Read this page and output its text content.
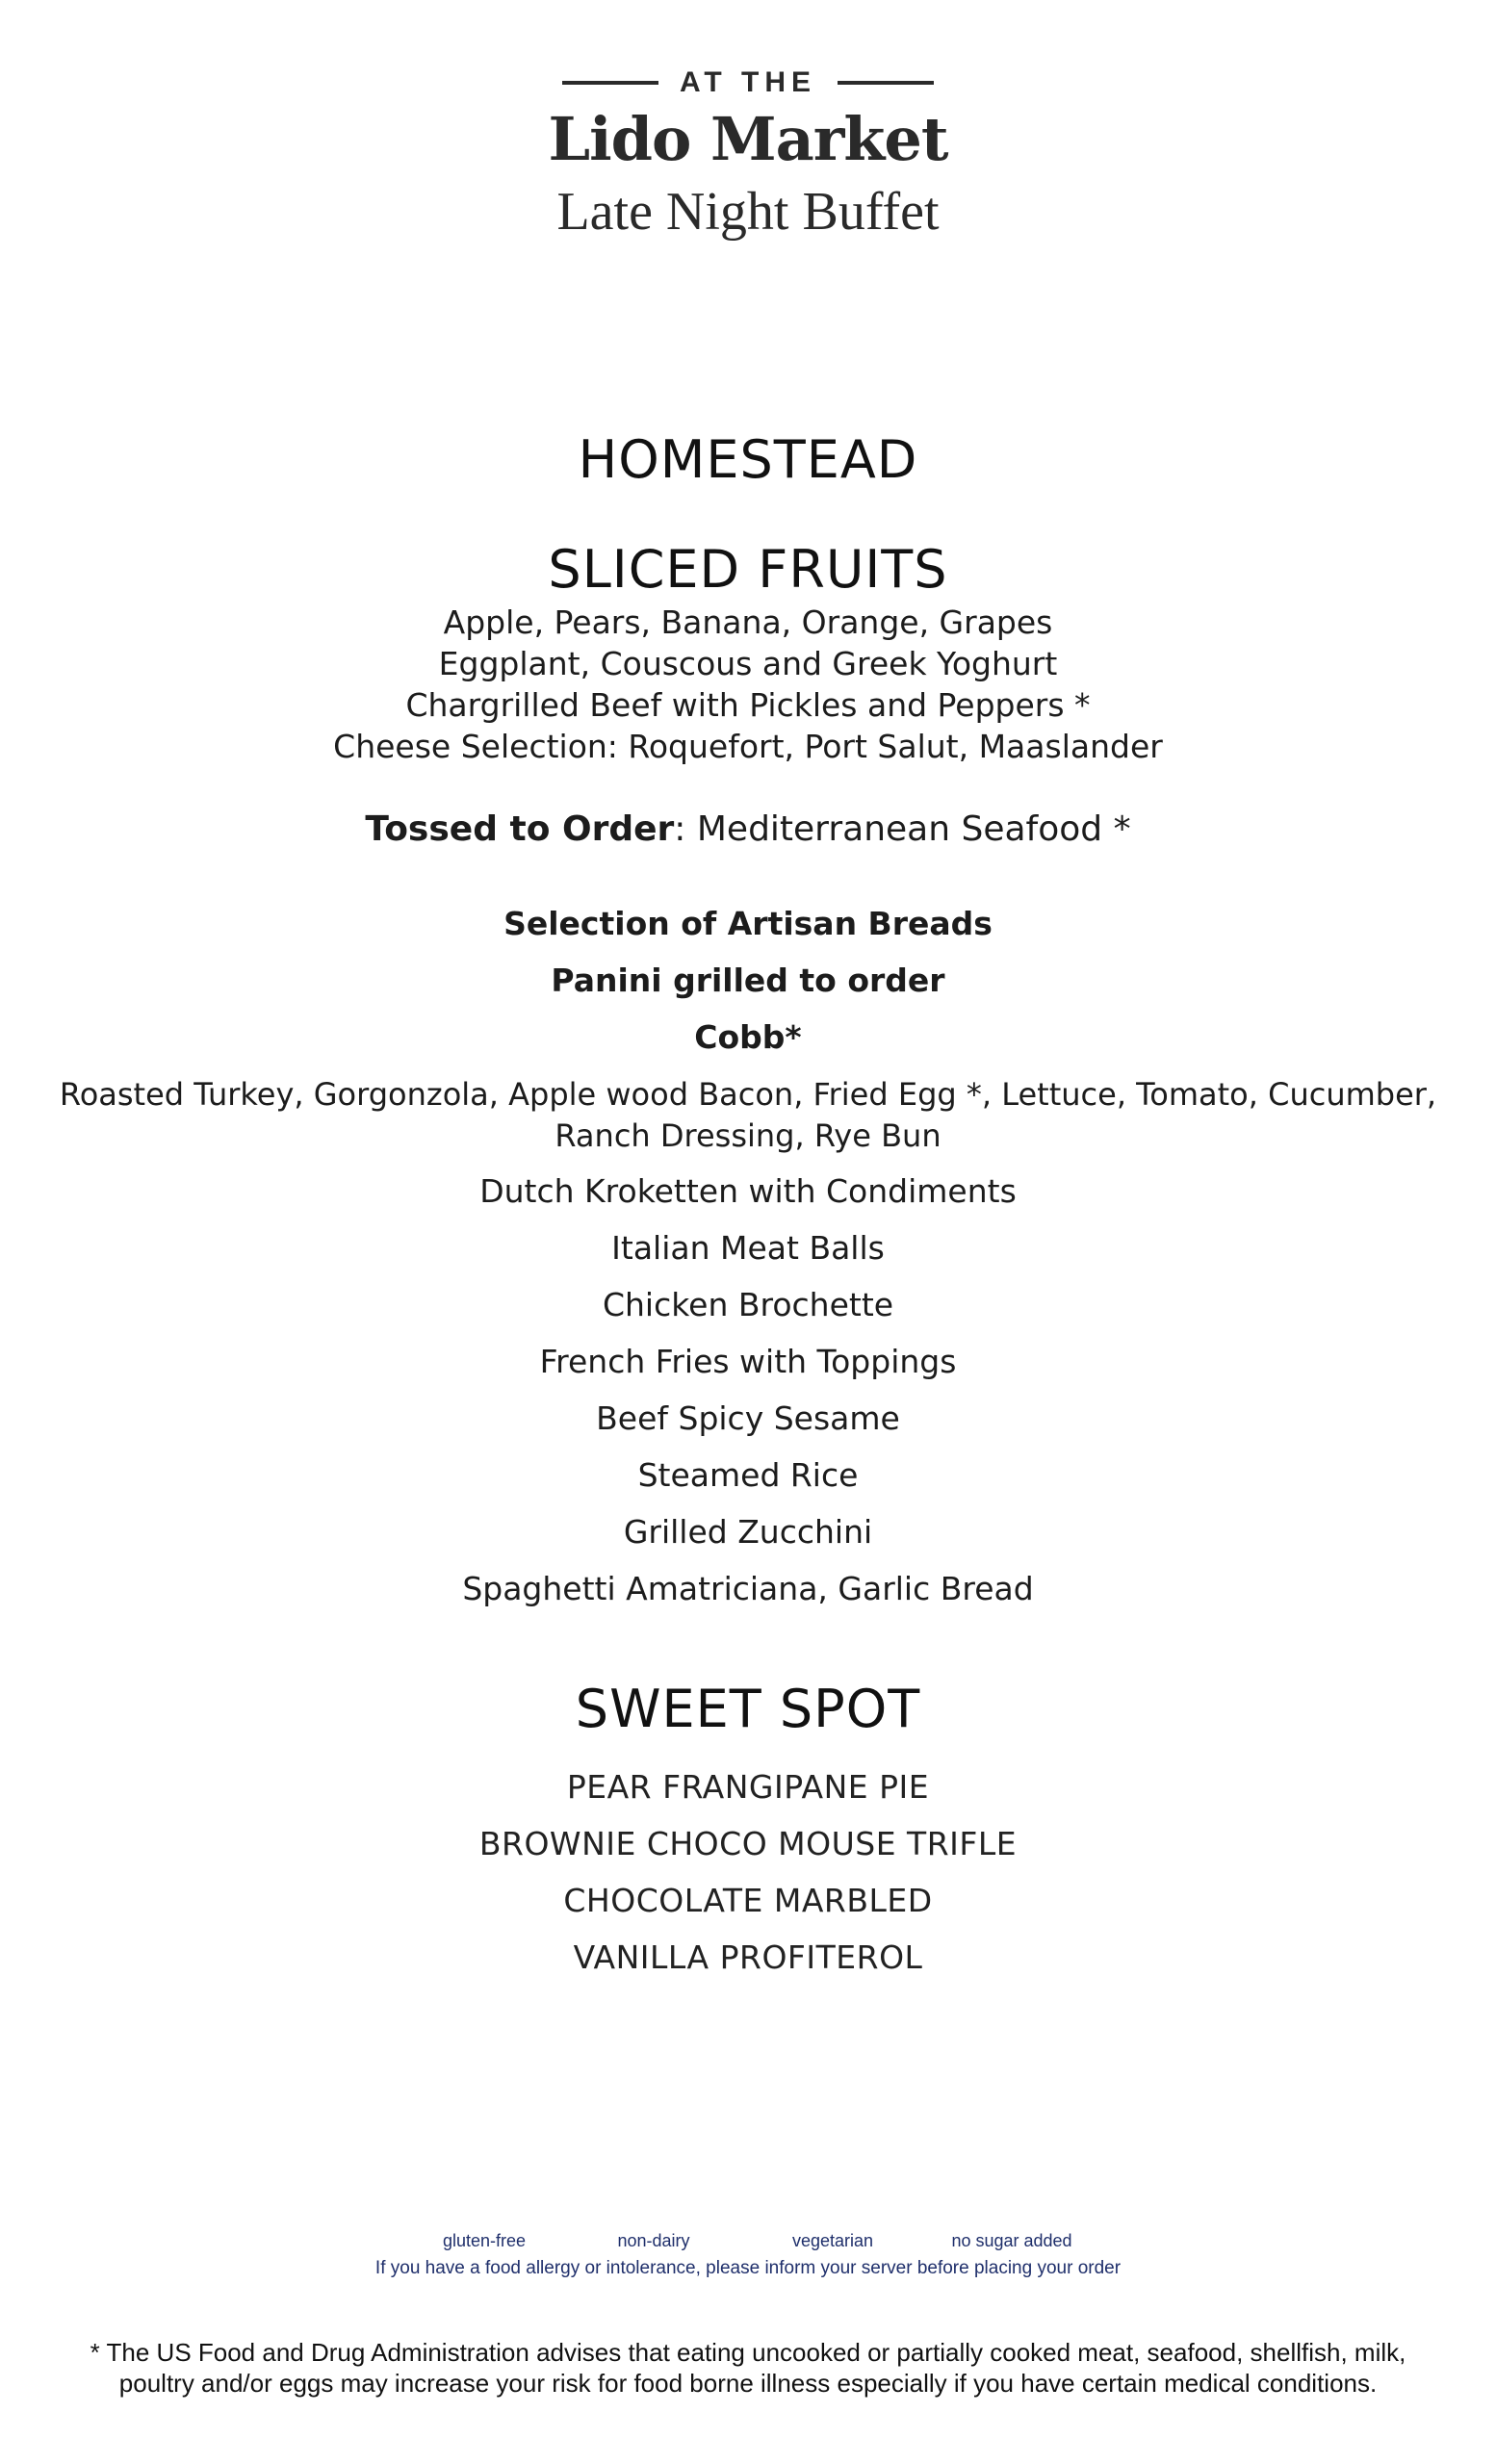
AT THE
Lido Market
Late Night Buffet
HOMESTEAD
SLICED FRUITS
Apple, Pears, Banana, Orange, Grapes
Eggplant, Couscous and Greek Yoghurt
Chargrilled Beef with Pickles and Peppers *
Cheese Selection: Roquefort, Port Salut, Maaslander
Tossed to Order: Mediterranean Seafood *
Selection of Artisan Breads
Panini grilled to order
Cobb*
Roasted Turkey, Gorgonzola, Apple wood Bacon, Fried Egg *, Lettuce, Tomato, Cucumber,
Ranch Dressing, Rye Bun
Dutch Kroketten with Condiments
Italian Meat Balls
Chicken Brochette
French Fries with Toppings
Beef Spicy Sesame
Steamed Rice
Grilled Zucchini
Spaghetti Amatriciana, Garlic Bread
SWEET SPOT
PEAR FRANGIPANE PIE
BROWNIE CHOCO MOUSE TRIFLE
CHOCOLATE MARBLED
VANILLA PROFITEROL
gluten-free	non-dairy	vegetarian	no sugar added
If you have a food allergy or intolerance, please inform your server before placing your order
* The US Food and Drug Administration advises that eating uncooked or partially cooked meat, seafood, shellfish, milk,
poultry and/or eggs may increase your risk for food borne illness especially if you have certain medical conditions.
